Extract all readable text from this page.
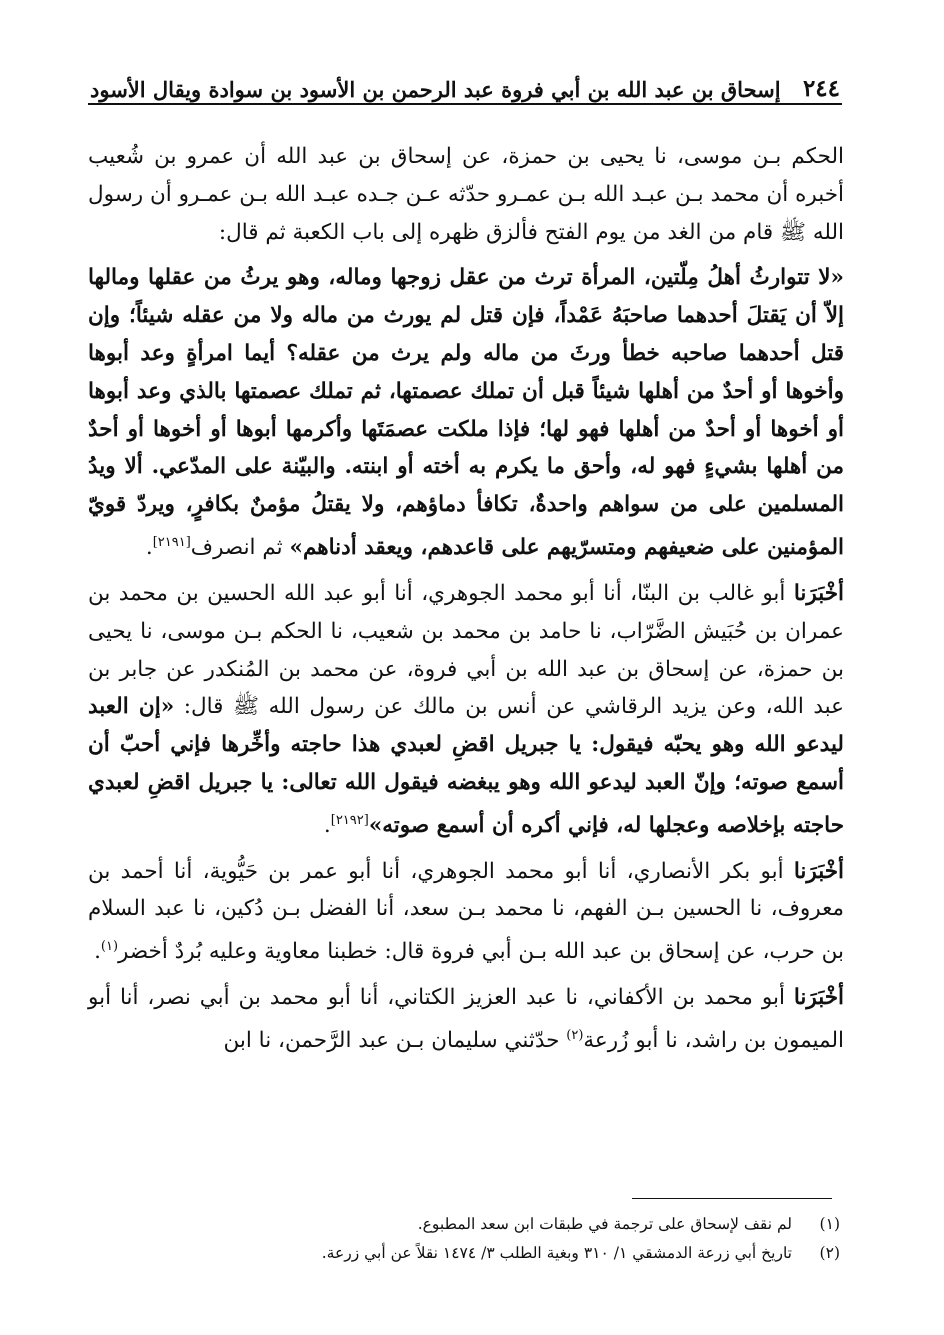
٢٤٤
إسحاق بن عبد الله بن أبي فروة عبد الرحمن بن الأسود بن سوادة ويقال الأسود

الحكم بـن موسى، نا يحيى بن حمزة، عن إسحاق بن عبد الله أن عمرو بن شُعيب أخبره أن محمد بـن عبـد الله بـن عمـرو حدّثه عـن جـده عبـد الله بـن عمـرو أن رسول الله ﷺ قام من الغد من يوم الفتح فألزق ظهره إلى باب الكعبة ثم قال:

«لا تتوارثُ أهلُ مِلّتين، المرأة ترث من عقل زوجها وماله، وهو يرثُ من عقلها ومالها إلاّ أن يَقتلَ أحدهما صاحبَهُ عَمْداً، فإن قتل لم يورث من ماله ولا من عقله شيئاً؛ وإن قتل أحدهما صاحبه خطأ ورثَ من ماله ولم يرث من عقله؟ أيما امرأةٍ وعد أبوها وأخوها أو أحدٌ من أهلها شيئاً قبل أن تملك عصمتها، ثم تملك عصمتها بالذي وعد أبوها أو أخوها أو أحدٌ من أهلها فهو لها؛ فإذا ملكت عصمَتَها وأكرمها أبوها أو أخوها أو أحدٌ من أهلها بشيءٍ فهو له، وأحق ما يكرم به أخته أو ابنته. والبيّنة على المدّعي. ألا ويدُ المسلمين على من سواهم واحدةٌ، تكافأ دماؤهم، ولا يقتلُ مؤمنٌ بكافرٍ، ويردّ قويّ المؤمنين على ضعيفهم ومتسرّيهم على قاعدهم، ويعقد أدناهم» ثم انصرف[٢١٩١].

أخْبَرَنا أبو غالب بن البنّا، أنا أبو محمد الجوهري، أنا أبو عبد الله الحسين بن محمد بن عمران بن حُبَيش الضَّرّاب، نا حامد بن محمد بن شعيب، نا الحكم بـن موسى، نا يحيى بن حمزة، عن إسحاق بن عبد الله بن أبي فروة، عن محمد بن المُنكدر عن جابر بن عبد الله، وعن يزيد الرقاشي عن أنس بن مالك عن رسول الله ﷺ قال: «إن العبد ليدعو الله وهو يحبّه فيقول: يا جبريل اقضِ لعبدي هذا حاجته وأخِّرها فإني أحبّ أن أسمع صوته؛ وإنّ العبد ليدعو الله وهو يبغضه فيقول الله تعالى: يا جبريل اقضِ لعبدي حاجته بإخلاصه وعجلها له، فإني أكره أن أسمع صوته»[٢١٩٢].

أخْبَرَنا أبو بكر الأنصاري، أنا أبو محمد الجوهري، أنا أبو عمر بن حَيُّوية، أنا أحمد بن معروف، نا الحسين بـن الفهم، نا محمد بـن سعد، أنا الفضل بـن دُكين، نا عبد السلام بن حرب، عن إسحاق بن عبد الله بـن أبي فروة قال: خطبنا معاوية وعليه بُردٌ أخضر$^{(١)}$.

أخْبَرَنا أبو محمد بن الأكفاني، نا عبد العزيز الكتاني، أنا أبو محمد بن أبي نصر، أنا أبو الميمون بن راشد، نا أبو زُرعة$^{(٢)}$ حدّثني سليمان بـن عبد الرَّحمن، نا ابن

(١)
لم نقف لإسحاق على ترجمة في طبقات ابن سعد المطبوع.
(٢)
تاريخ أبي زرعة الدمشقي ١/ ٣١٠ وبغية الطلب ٣/ ١٤٧٤ نقلاً عن أبي زرعة.
